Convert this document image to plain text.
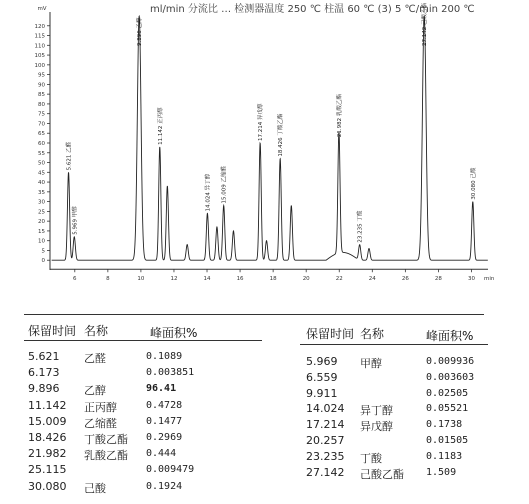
ml/min 分流比 … 检测器温度 250 ℃ 柱温 60 ℃ (3) 5 ℃/min 200 ℃
0
5
10
15
20
25
30
35
40
45
50
55
60
65
70
75
80
85
90
95
100
105
110
115
120
6	8	10	12	14	16	18	20	22	24	26	28	30 min
mV
5.621 乙醛
5.969 甲醇
9.896 乙醇
11.142 正丙醇
14.024 异丁醇	15.009 乙缩醛
17.214 异戊醇	18.426 丁酸乙酯	21.982 乳酸乙酯
23.235 丁酸
27.142 己酸乙酯
30.080 己酸
保留时间 名称	峰面积%	保留时间 名称	峰面积%
5.621 乙醛	0.1089
6.173	0.003851
9.896 乙醇	96.41
11.142 正丙醇	0.4728
15.009 乙缩醛	0.1477
18.426 丁酸乙酯 0.2969
21.982 乳酸乙酯 0.444
25.115	0.009479
30.080 己酸	0.1924
5.969 甲醇	0.009936
6.559	0.003603
9.911	0.02505
14.024 异丁醇	0.05521
17.214 异戊醇	0.1738
20.257	0.01505
23.235 丁酸	0.1183
27.142 己酸乙酯 1.509
